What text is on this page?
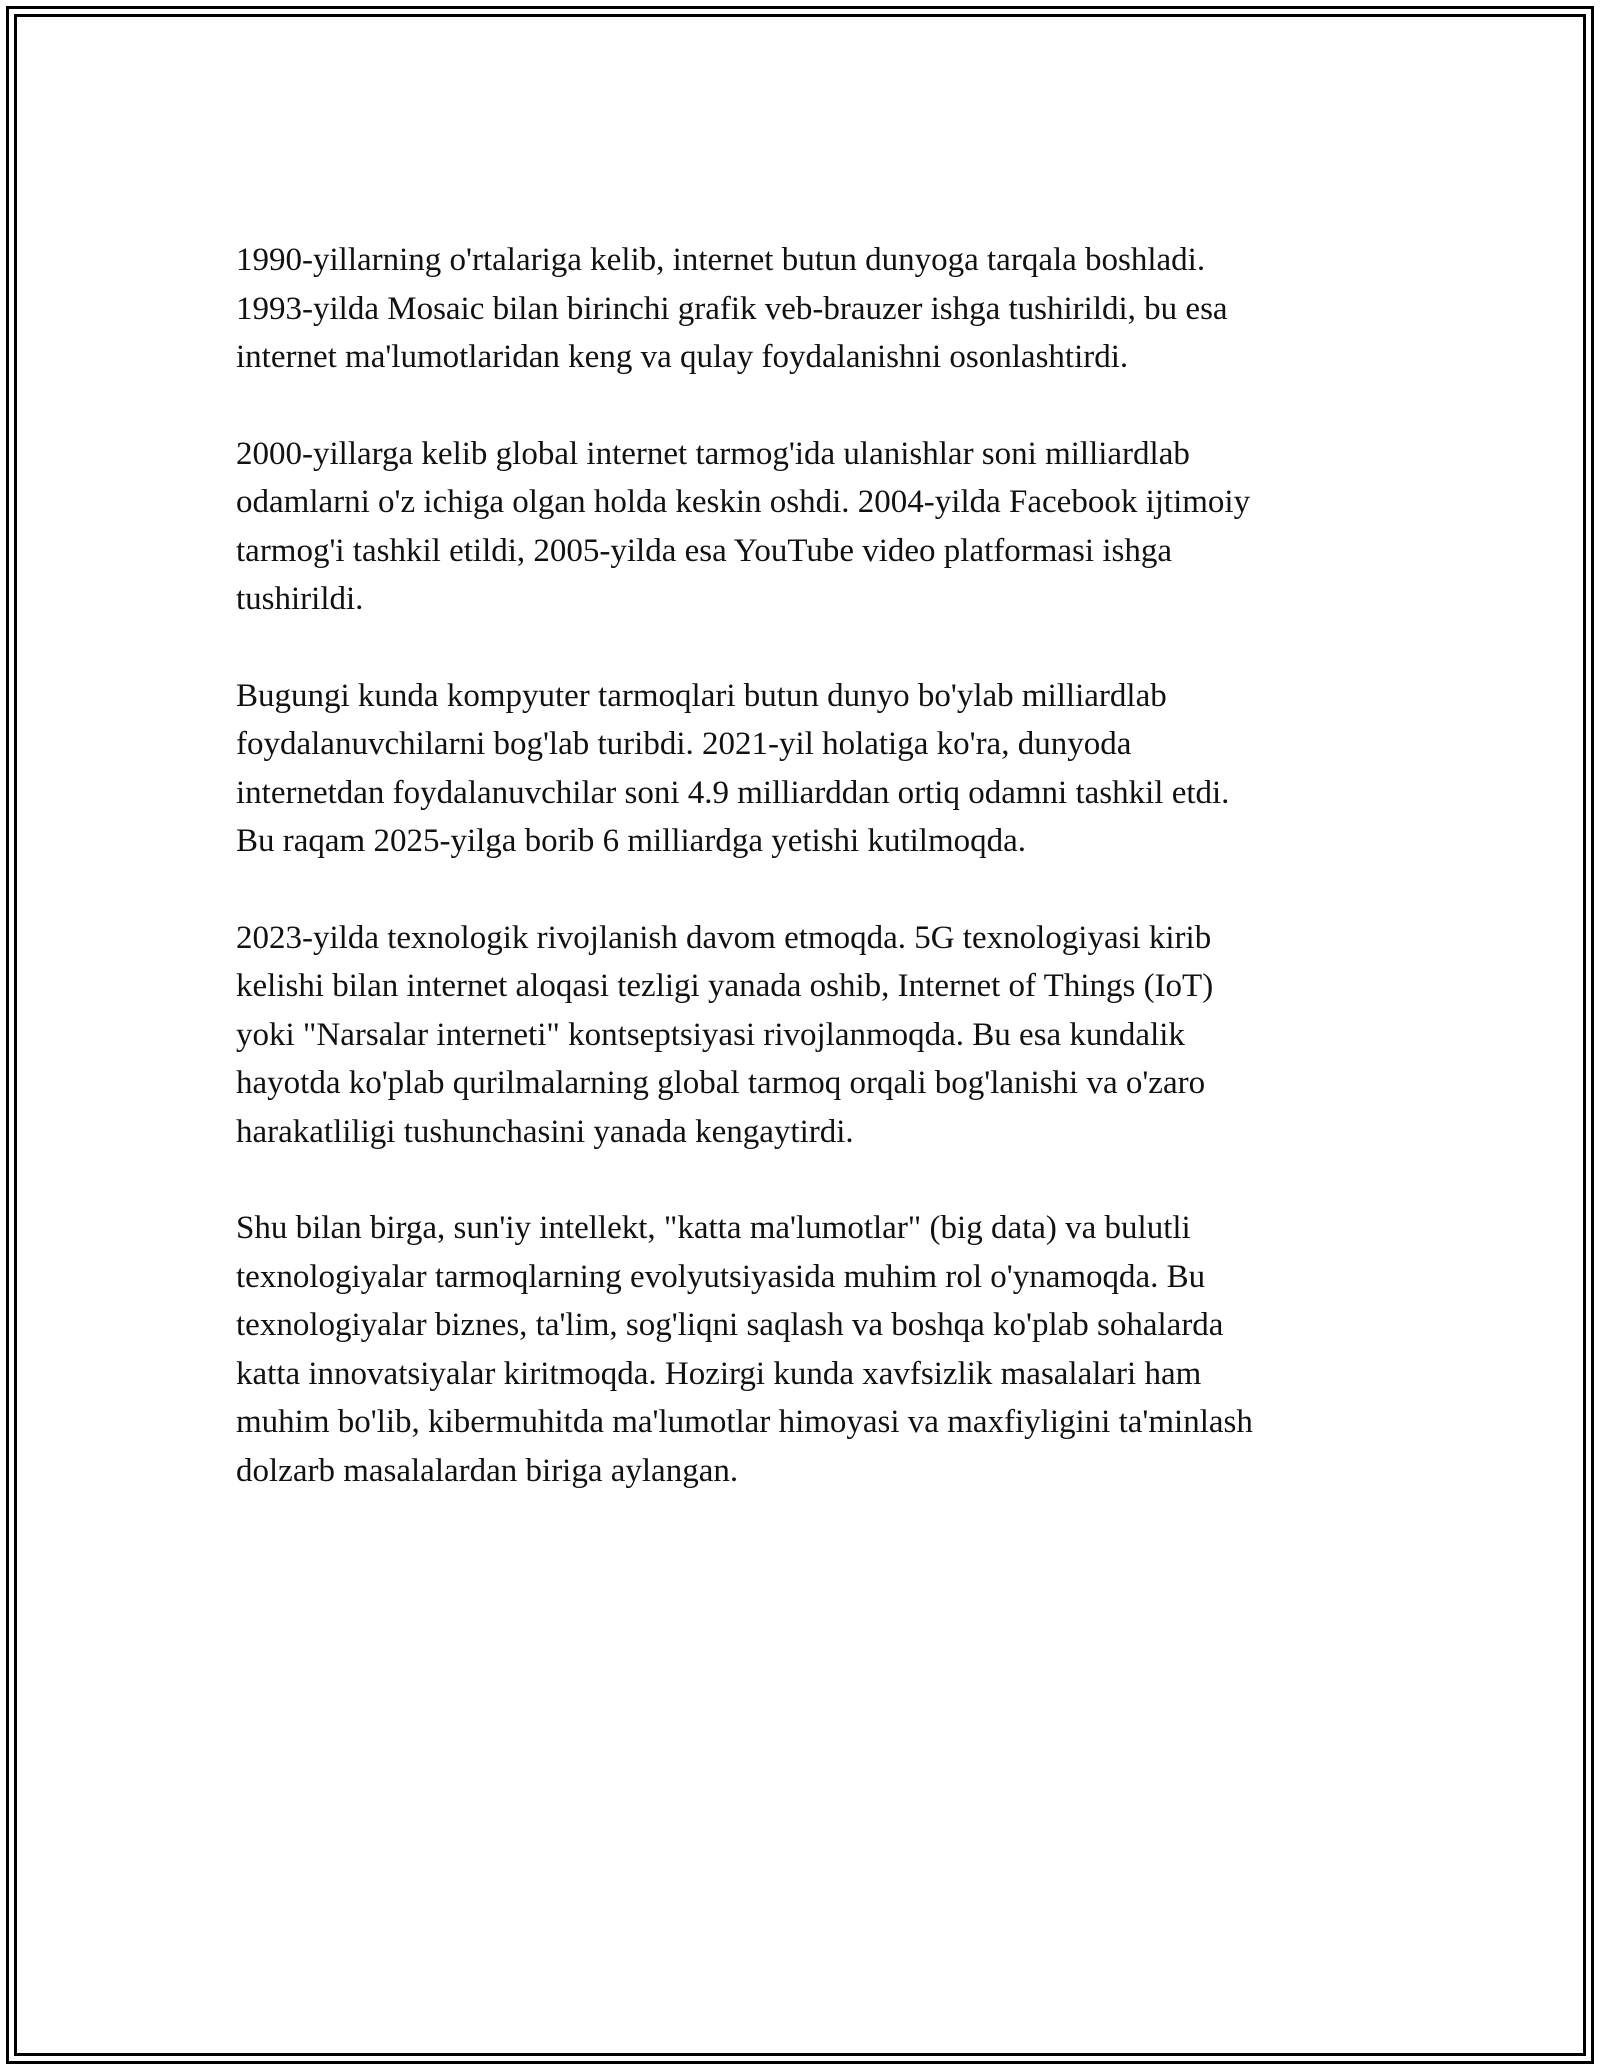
1990-yillarning o'rtalariga kelib, internet butun dunyoga tarqala boshladi.
1993-yilda Mosaic bilan birinchi grafik veb-brauzer ishga tushirildi, bu esa
internet ma'lumotlaridan keng va qulay foydalanishni osonlashtirdi.

2000-yillarga kelib global internet tarmog'ida ulanishlar soni milliardlab
odamlarni o'z ichiga olgan holda keskin oshdi. 2004-yilda Facebook ijtimoiy
tarmog'i tashkil etildi, 2005-yilda esa YouTube video platformasi ishga
tushirildi.

Bugungi kunda kompyuter tarmoqlari butun dunyo bo'ylab milliardlab
foydalanuvchilarni bog'lab turibdi. 2021-yil holatiga ko'ra, dunyoda
internetdan foydalanuvchilar soni 4.9 milliarddan ortiq odamni tashkil etdi.
Bu raqam 2025-yilga borib 6 milliardga yetishi kutilmoqda.

2023-yilda texnologik rivojlanish davom etmoqda. 5G texnologiyasi kirib
kelishi bilan internet aloqasi tezligi yanada oshib, Internet of Things (IoT)
yoki "Narsalar interneti" kontseptsiyasi rivojlanmoqda. Bu esa kundalik
hayotda ko'plab qurilmalarning global tarmoq orqali bog'lanishi va o'zaro
harakatliligi tushunchasini yanada kengaytirdi.

Shu bilan birga, sun'iy intellekt, "katta ma'lumotlar" (big data) va bulutli
texnologiyalar tarmoqlarning evolyutsiyasida muhim rol o'ynamoqda. Bu
texnologiyalar biznes, ta'lim, sog'liqni saqlash va boshqa ko'plab sohalarda
katta innovatsiyalar kiritmoqda. Hozirgi kunda xavfsizlik masalalari ham
muhim bo'lib, kibermuhitda ma'lumotlar himoyasi va maxfiyligini ta'minlash
dolzarb masalalardan biriga aylangan.
